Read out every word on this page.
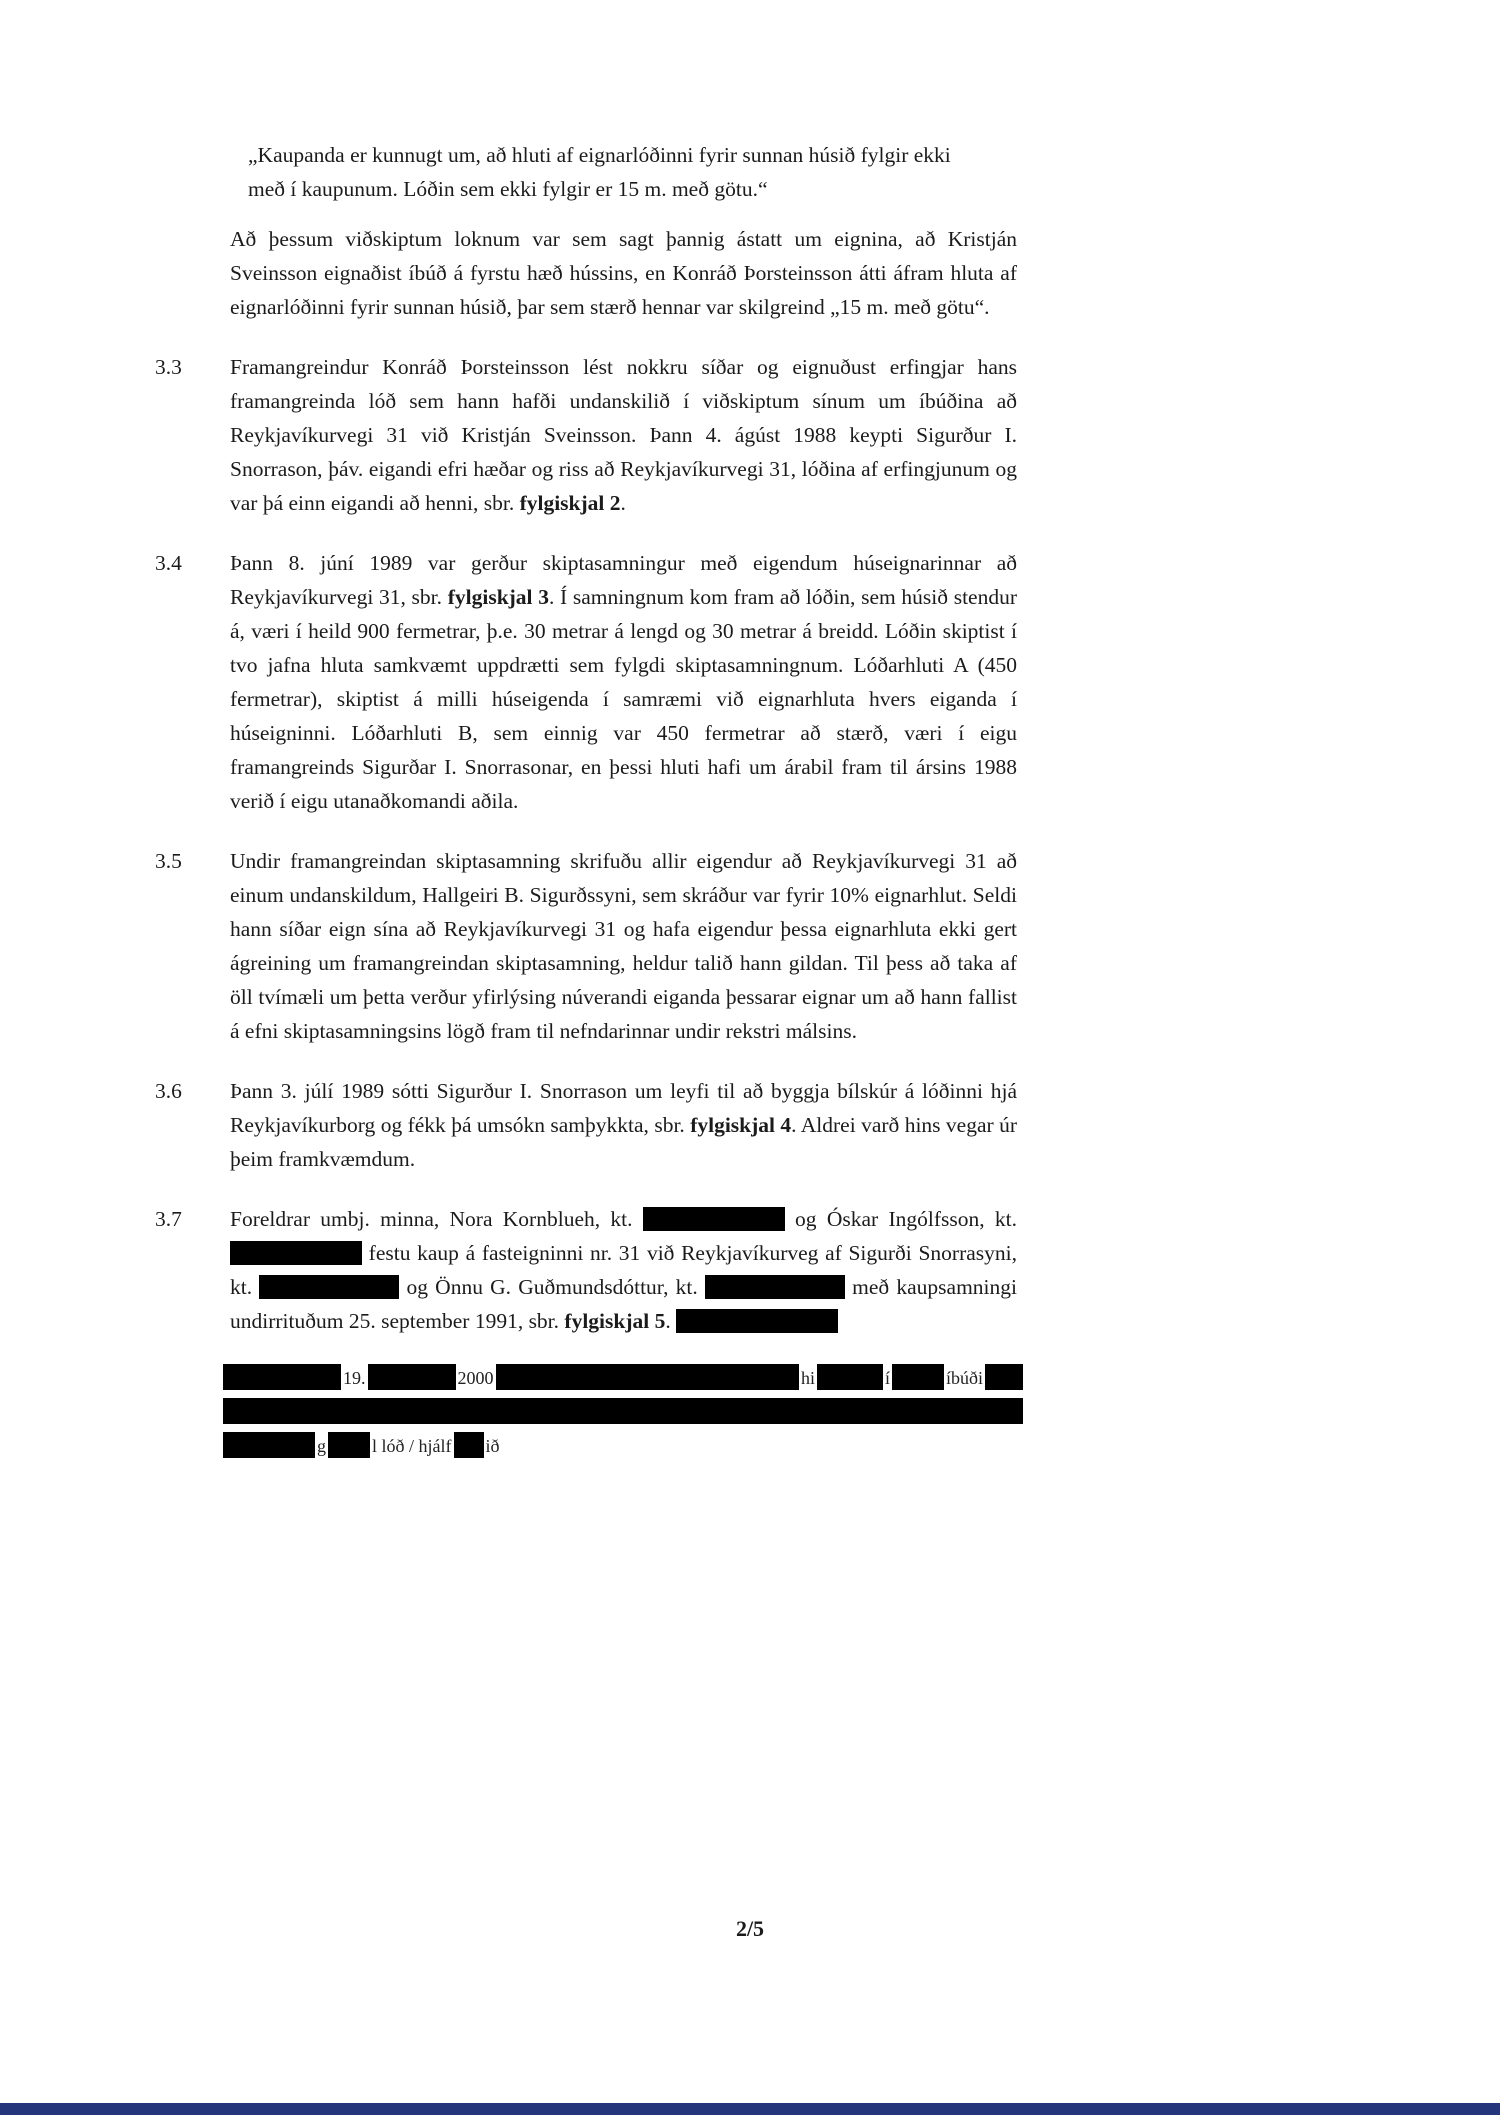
„Kaupanda er kunnugt um, að hluti af eignarlóðinni fyrir sunnan húsið fylgir ekki með í kaupunum. Lóðin sem ekki fylgir er 15 m. með götu.“
Að þessum viðskiptum loknum var sem sagt þannig ástatt um eignina, að Kristján Sveinsson eignaðist íbúð á fyrstu hæð hússins, en Konráð Þorsteinsson átti áfram hluta af eignarlóðinni fyrir sunnan húsið, þar sem stærð hennar var skilgreind „15 m. með götu“.
3.3	Framangreindur Konráð Þorsteinsson lést nokkru síðar og eignuðust erfingjar hans framangreinda lóð sem hann hafði undanskilið í viðskiptum sínum um íbúðina að Reykjavíkurvegi 31 við Kristján Sveinsson. Þann 4. ágúst 1988 keypti Sigurður I. Snorrason, þáv. eigandi efri hæðar og riss að Reykjavíkurvegi 31, lóðina af erfingjunum og var þá einn eigandi að henni, sbr. fylgiskjal 2.
3.4	Þann 8. júní 1989 var gerður skiptasamningur með eigendum húseignarinnar að Reykjavíkurvegi 31, sbr. fylgiskjal 3. Í samningnum kom fram að lóðin, sem húsið stendur á, væri í heild 900 fermetrar, þ.e. 30 metrar á lengd og 30 metrar á breidd. Lóðin skiptist í tvo jafna hluta samkvæmt uppdrætti sem fylgdi skiptasamningnum. Lóðarhluti A (450 fermetrar), skiptist á milli húseigenda í samræmi við eignarhluta hvers eiganda í húseigninni. Lóðarhluti B, sem einnig var 450 fermetrar að stærð, væri í eigu framangreinds Sigurðar I. Snorrasonar, en þessi hluti hafi um árabil fram til ársins 1988 verið í eigu utanaðkomandi aðila.
3.5	Undir framangreindan skiptasamning skrifuðu allir eigendur að Reykjavíkurvegi 31 að einum undanskildum, Hallgeiri B. Sigurðssyni, sem skráður var fyrir 10% eignarhlut. Seldi hann síðar eign sína að Reykjavíkurvegi 31 og hafa eigendur þessa eignarhluta ekki gert ágreining um framangreindan skiptasamning, heldur talið hann gildan. Til þess að taka af öll tvímæli um þetta verður yfirlýsing núverandi eiganda þessarar eignar um að hann fallist á efni skiptasamningsins lögð fram til nefndarinnar undir rekstri málsins.
3.6	Þann 3. júlí 1989 sótti Sigurður I. Snorrason um leyfi til að byggja bílskúr á lóðinni hjá Reykjavíkurborg og fékk þá umsókn samþykkta, sbr. fylgiskjal 4. Aldrei varð hins vegar úr þeim framkvæmdum.
3.7	Foreldrar umbj. minna, Nora Kornblueh, kt.	og Óskar Ingólfsson, kt.  festu kaup á fasteigninni nr. 31 við Reykjavíkurveg af Sigurði Snorrasyni, kt.	og Önnu G. Guðmundsdóttur, kt.	með kaupsamningi undirrituðum 25. september 1991, sbr. fylgiskjal 5.
19.	2000	hi	í	íbúði
g	l lóð / hjálf ið
2/5
